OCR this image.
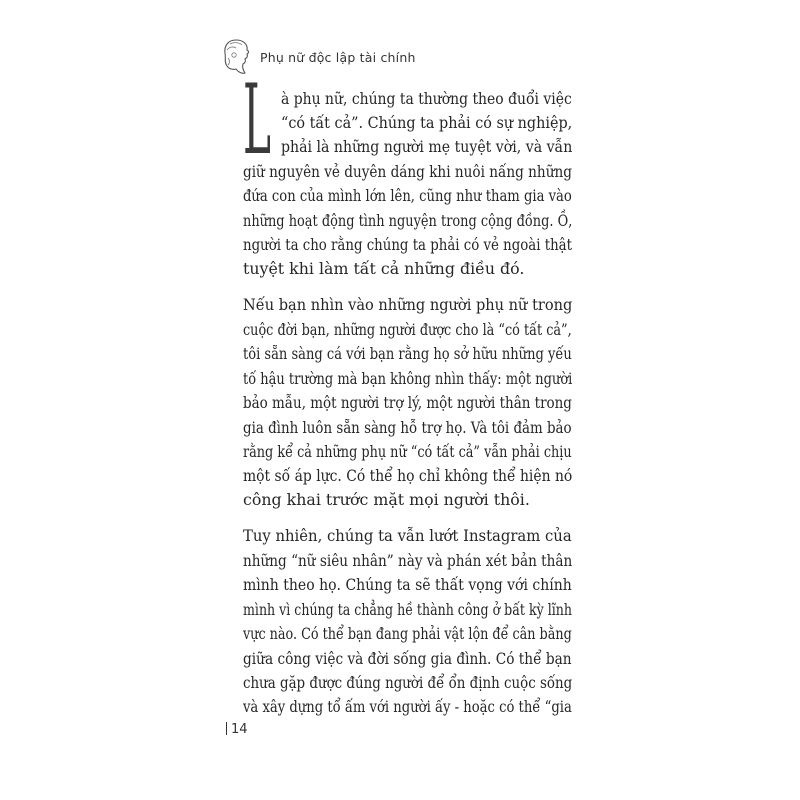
Phụ nữ độc lập tài chính
L à phụ nữ, chúng ta thường theo đuổi việc
“có tất cả”. Chúng ta phải có sự nghiệp,
phải là những người mẹ tuyệt vời, và vẫn
giữ nguyên vẻ duyên dáng khi nuôi nấng những
đứa con của mình lớn lên, cũng như tham gia vào
những hoạt động tình nguyện trong cộng đồng. Ồ,
người ta cho rằng chúng ta phải có vẻ ngoài thật
tuyệt khi làm tất cả những điều đó.
Nếu bạn nhìn vào những người phụ nữ trong
cuộc đời bạn, những người được cho là “có tất cả”,
tôi sẵn sàng cá với bạn rằng họ sở hữu những yếu
tố hậu trường mà bạn không nhìn thấy: một người
bảo mẫu, một người trợ lý, một người thân trong
gia đình luôn sẵn sàng hỗ trợ họ. Và tôi đảm bảo
rằng kể cả những phụ nữ “có tất cả” vẫn phải chịu
một số áp lực. Có thể họ chỉ không thể hiện nó
công khai trước mặt mọi người thôi.
Tuy nhiên, chúng ta vẫn lướt Instagram của
những “nữ siêu nhân” này và phán xét bản thân
mình theo họ. Chúng ta sẽ thất vọng với chính
mình vì chúng ta chẳng hề thành công ở bất kỳ lĩnh
vực nào. Có thể bạn đang phải vật lộn để cân bằng
giữa công việc và đời sống gia đình. Có thể bạn
chưa gặp được đúng người để ổn định cuộc sống
và xây dựng tổ ấm với người ấy - hoặc có thể “gia
14
